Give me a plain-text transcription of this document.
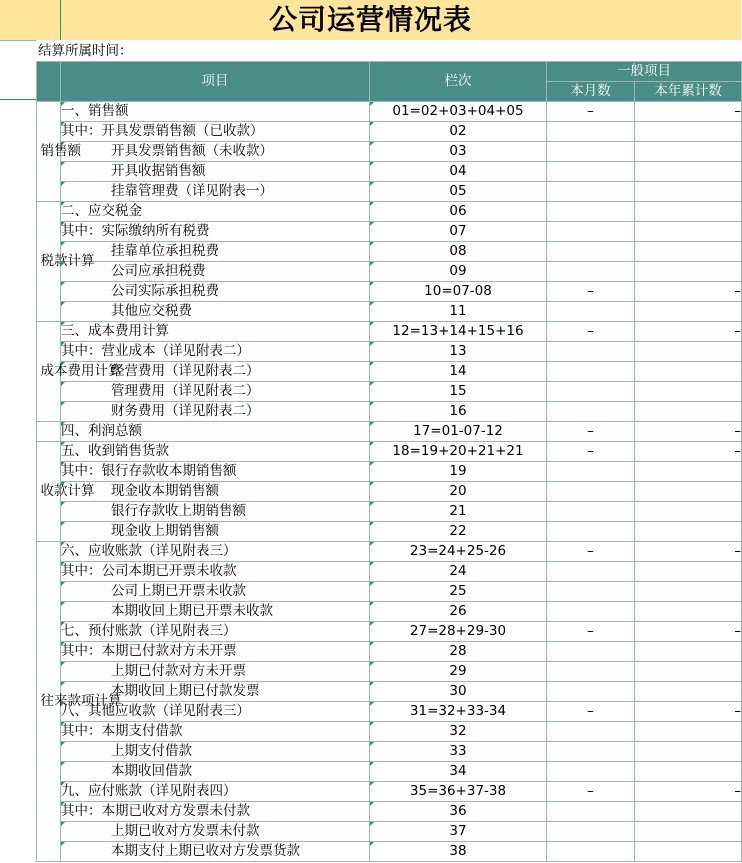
公司运营情况表
结算所属时间：
	项目	栏次	一般项目	
			本月数	本年累计数

销售额	一、销售额	01=02+03+04+05	–	–
	其中：开具发票销售额（已收款）	02		
	开具发票销售额（未收款）	03		
	开具收据销售额	04		
	挂靠管理费（详见附表一）	05		

税款计算	二、应交税金	06		
	其中：实际缴纳所有税费	07		
	挂靠单位承担税费	08		
	公司应承担税费	09		
	公司实际承担税费	10=07-08	–	–
	其他应交税费	11		

成本费用计算	三、成本费用计算	12=13+14+15+16	–	–
	其中：营业成本（详见附表二）	13		
	经营费用（详见附表二）	14		
	管理费用（详见附表二）	15		
	财务费用（详见附表二）	16		

	四、利润总额	17=01-07-12	–	–

收款计算	五、收到销售货款	18=19+20+21+21	–	–
	其中：银行存款收本期销售额	19		
	现金收本期销售额	20		
	银行存款收上期销售额	21		
	现金收上期销售额	22		

往来款项计算	六、应收账款（详见附表三）	23=24+25-26	–	–
	其中：公司本期已开票未收款	24		
	公司上期已开票未收款	25		
	本期收回上期已开票未收款	26		
	七、预付账款（详见附表三）	27=28+29-30	–	–
	其中：本期已付款对方未开票	28		
	上期已付款对方未开票	29		
	本期收回上期已付款发票	30		
	八、其他应收款（详见附表三）	31=32+33-34	–	–
	其中：本期支付借款	32		
	上期支付借款	33		
	本期收回借款	34		
	九、应付账款（详见附表四）	35=36+37-38	–	–
	其中：本期已收对方发票未付款	36		
	上期已收对方发票未付款	37		
	本期支付上期已收对方发票货款	38		
